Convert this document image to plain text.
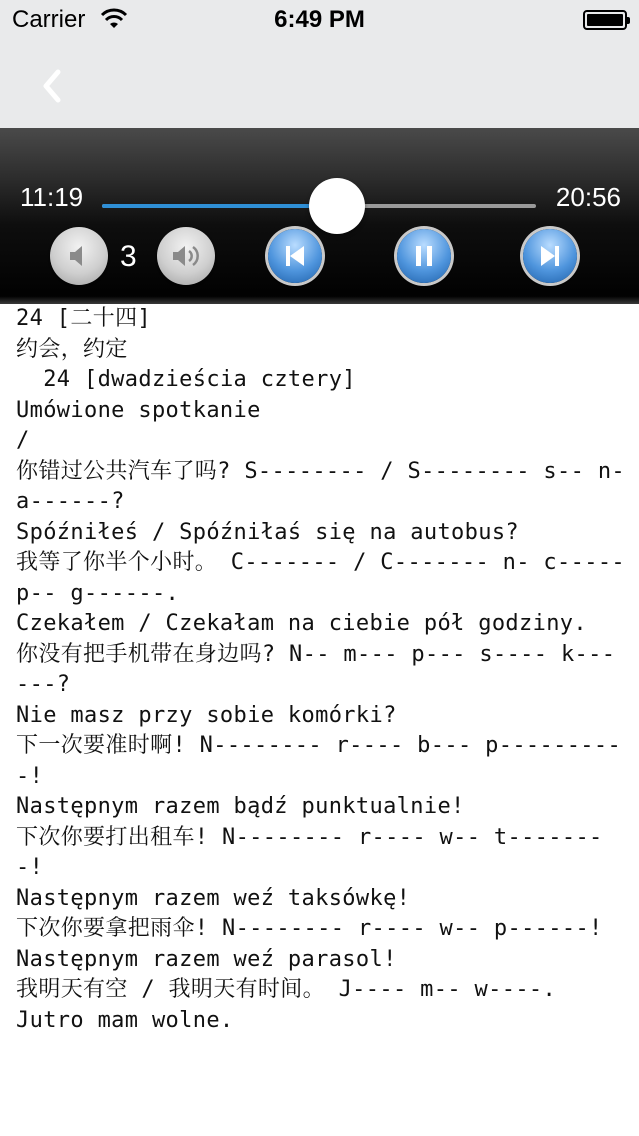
Carrier	6:49 PM
11:19	20:56
3
24 [二十四]
约会，约定
24 [dwadzieścia cztery]
Umówione spotkanie
/
你错过公共汽车了吗? S-------- / S-------- s-- n- a------?
Spóźniłeś / Spóźniłaś się na autobus?
我等了你半个小时。 C------- / C------- n- c----- p-- g------.
Czekałem / Czekałam na ciebie pół godziny.
你没有把手机带在身边吗? N-- m--- p--- s---- k------?
Nie masz przy sobie komórki?
下一次要准时啊! N-------- r---- b--- p----------!
Następnym razem bądź punktualnie!
下次你要打出租车! N-------- r---- w-- t--------!
Następnym razem weź taksówkę!
下次你要拿把雨伞! N-------- r---- w-- p------!
Następnym razem weź parasol!
我明天有空 / 我明天有时间。 J---- m-- w----.
Jutro mam wolne.
